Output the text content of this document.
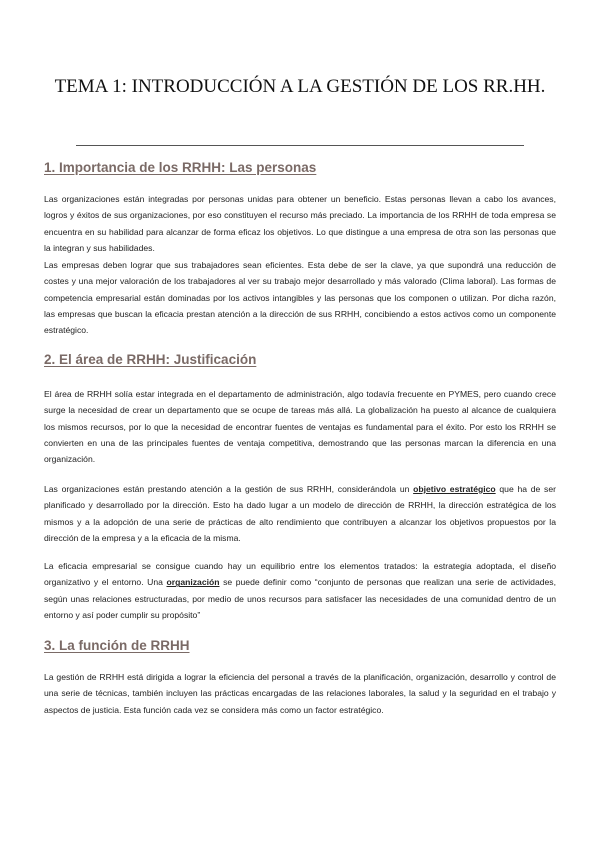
TEMA 1: INTRODUCCIÓN A LA GESTIÓN DE LOS RR.HH.
1. Importancia de los RRHH: Las personas

Las organizaciones están integradas por personas unidas para obtener un beneficio. Estas personas llevan a cabo los avances, logros y éxitos de sus organizaciones, por eso constituyen el recurso más preciado. La importancia de los RRHH de toda empresa se encuentra en su habilidad para alcanzar de forma eficaz los objetivos. Lo que distingue a una empresa de otra son las personas que la integran y sus habilidades.

Las empresas deben lograr que sus trabajadores sean eficientes. Esta debe de ser la clave, ya que supondrá una reducción de costes y una mejor valoración de los trabajadores al ver su trabajo mejor desarrollado y más valorado (Clima laboral). Las formas de competencia empresarial están dominadas por los activos intangibles y las personas que los componen o utilizan. Por dicha razón, las empresas que buscan la eficacia prestan atención a la dirección de sus RRHH, concibiendo a estos activos como un componente estratégico.

2. El área de RRHH: Justificación

El área de RRHH solía estar integrada en el departamento de administración, algo todavía frecuente en PYMES, pero cuando crece surge la necesidad de crear un departamento que se ocupe de tareas más allá. La globalización ha puesto al alcance de cualquiera los mismos recursos, por lo que la necesidad de encontrar fuentes de ventajas es fundamental para el éxito. Por esto los RRHH se convierten en una de las principales fuentes de ventaja competitiva, demostrando que las personas marcan la diferencia en una organización.

Las organizaciones están prestando atención a la gestión de sus RRHH, considerándola un objetivo estratégico que ha de ser planificado y desarrollado por la dirección. Esto ha dado lugar a un modelo de dirección de RRHH, la dirección estratégica de los mismos y a la adopción de una serie de prácticas de alto rendimiento que contribuyen a alcanzar los objetivos propuestos por la dirección de la empresa y a la eficacia de la misma.

La eficacia empresarial se consigue cuando hay un equilibrio entre los elementos tratados: la estrategia adoptada, el diseño organizativo y el entorno. Una organización se puede definir como “conjunto de personas que realizan una serie de actividades, según unas relaciones estructuradas, por medio de unos recursos para satisfacer las necesidades de una comunidad dentro de un entorno y así poder cumplir su propósito”

3. La función de RRHH

La gestión de RRHH está dirigida a lograr la eficiencia del personal a través de la planificación, organización, desarrollo y control de una serie de técnicas, también incluyen las prácticas encargadas de las relaciones laborales, la salud y la seguridad en el trabajo y aspectos de justicia. Esta función cada vez se considera más como un factor estratégico.
